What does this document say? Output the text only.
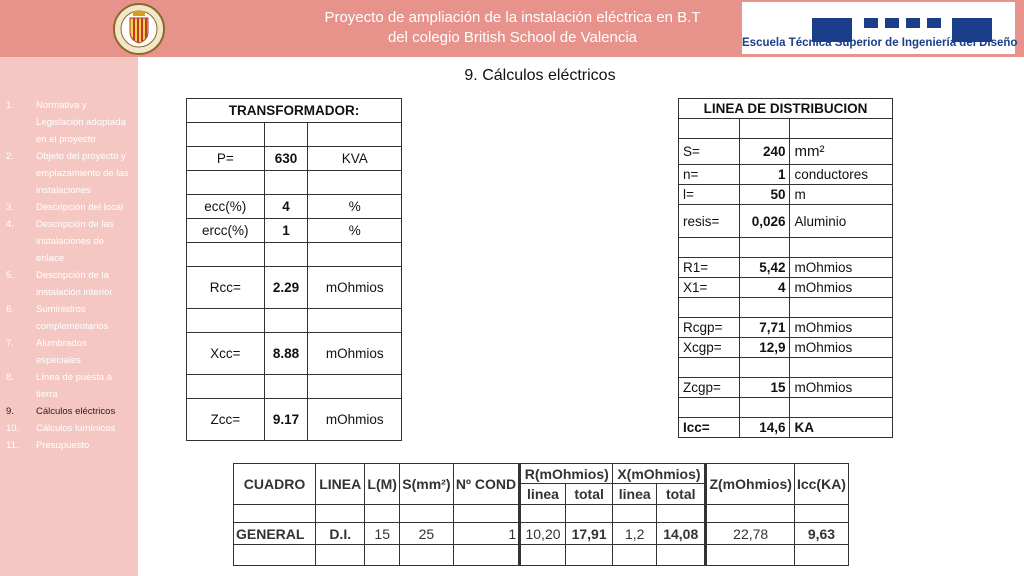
Proyecto de ampliación de la instalación eléctrica en B.T
del colegio British School de Valencia	Escuela Técnica Superior de Ingeniería del Diseño
1.	Normativa y Legislación adoptada en el proyecto
2.	Objeto del proyecto y emplazamiento de las instalaciones
3.	Descripción del local
4.	Descripción de las instalaciones de enlace
5.	Descripción de la instalación interior
6.	Suministros complementarios
7.	Alumbrados especiales
8.	Línea de puesta a tierra
9.	Cálculos eléctricos
10.	Cálculos lumínicos
11.	Presupuesto
9. Cálculos eléctricos
TRANSFORMADOR:		

P=	630	KVA

ecc(%)	4	%
ercc(%)	1	%

Rcc=	2.29	mOhmios

Xcc=	8.88	mOhmios

Zcc=	9.17	mOhmios
LINEA DE DISTRIBUCION		

S=	240	mm²
n=	1	conductores
l=	50	m
resis=	0,026	Aluminio

R1=	5,42	mOhmios
X1=	4	mOhmios

Rcgp=	7,71	mOhmios
Xcgp=	12,9	mOhmios

Zcgp=	15	mOhmios

Icc=	14,6	KA
CUADRO	LINEA	L(M)	S(mm²)	Nº COND	R(mOhmios)		X(mOhmios)		Z(mOhmios)	Icc(KA)
					linea	total	linea	total		

GENERAL	D.I.	15	25	1	10,20	17,91	1,2	14,08	22,78	9,63
